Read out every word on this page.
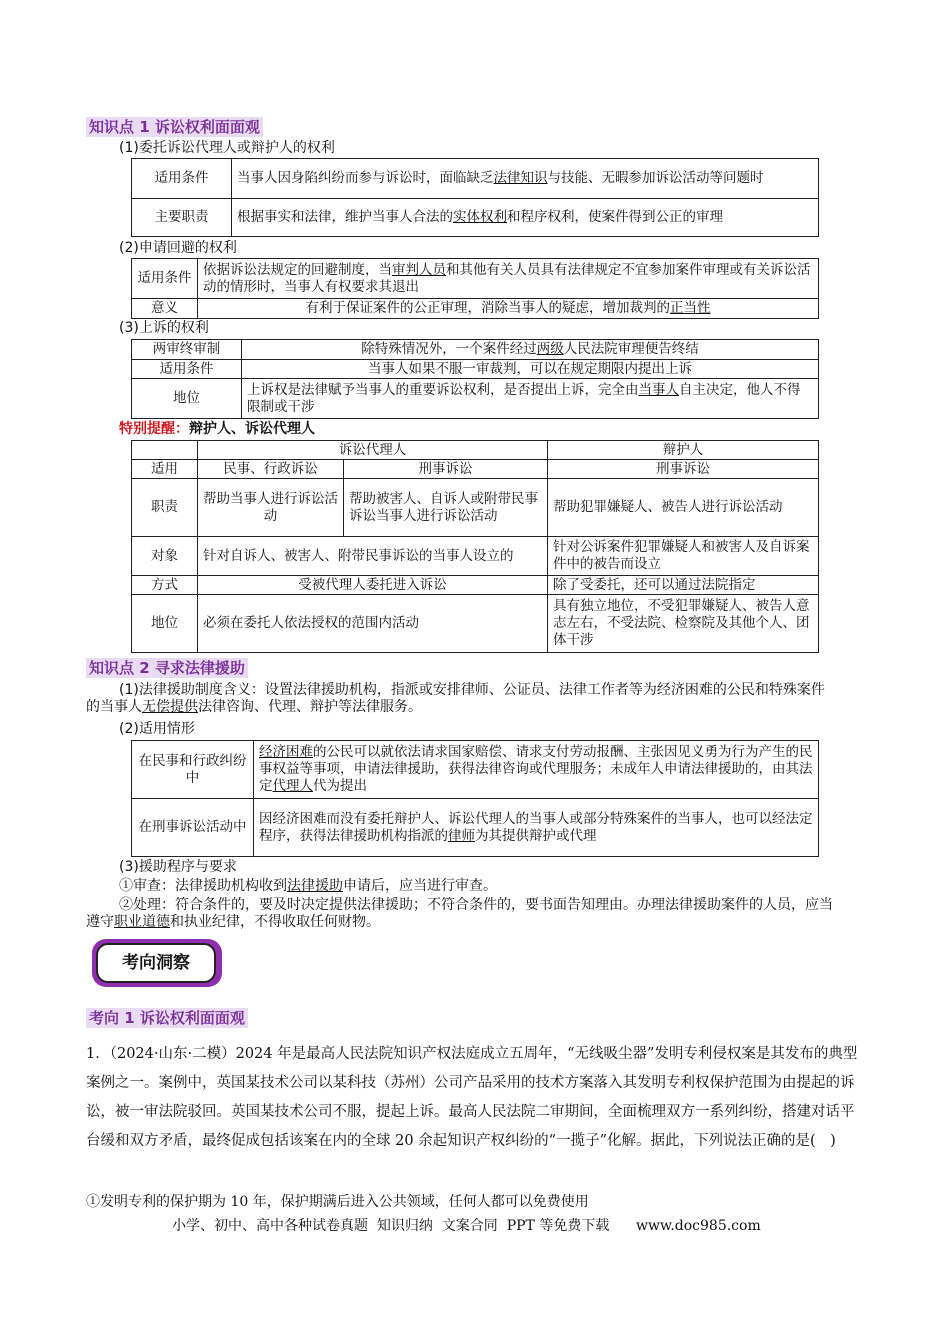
知识点 1 诉讼权利面面观
(1)委托诉讼代理人或辩护人的权利
适用条件	当事人因身陷纠纷而参与诉讼时，面临缺乏法律知识与技能、无暇参加诉讼活动等问题时
主要职责	根据事实和法律，维护当事人合法的实体权利和程序权利，使案件得到公正的审理
(2)申请回避的权利
适用条件	依据诉讼法规定的回避制度，当审判人员和其他有关人员具有法律规定不宜参加案件审理或有关诉讼活动的情形时，当事人有权要求其退出
意义	有利于保证案件的公正审理，消除当事人的疑虑，增加裁判的正当性
(3)上诉的权利
两审终审制	除特殊情况外，一个案件经过两级人民法院审理便告终结
适用条件	当事人如果不服一审裁判，可以在规定期限内提出上诉
地位	上诉权是法律赋予当事人的重要诉讼权利，是否提出上诉，完全由当事人自主决定，他人不得限制或干涉
特别提醒：辩护人、诉讼代理人
	诉讼代理人		辩护人
适用	民事、行政诉讼	刑事诉讼	刑事诉讼
职责	帮助当事人进行诉讼活动	帮助被害人、自诉人或附带民事诉讼当事人进行诉讼活动	帮助犯罪嫌疑人、被告人进行诉讼活动
对象	针对自诉人、被害人、附带民事诉讼的当事人设立的		针对公诉案件犯罪嫌疑人和被害人及自诉案件中的被告而设立
方式	受被代理人委托进入诉讼		除了受委托，还可以通过法院指定
地位	必须在委托人依法授权的范围内活动		具有独立地位，不受犯罪嫌疑人、被告人意志左右，不受法院、检察院及其他个人、团体干涉
知识点 2 寻求法律援助
(1)法律援助制度含义：设置法律援助机构，指派或安排律师、公证员、法律工作者等为经济困难的公民和特殊案件的当事人无偿提供法律咨询、代理、辩护等法律服务。
(2)适用情形
在民事和行政纠纷中	经济困难的公民可以就依法请求国家赔偿、请求支付劳动报酬、主张因见义勇为行为产生的民事权益等事项，申请法律援助，获得法律咨询或代理服务；未成年人申请法律援助的，由其法定代理人代为提出
在刑事诉讼活动中	因经济困难而没有委托辩护人、诉讼代理人的当事人或部分特殊案件的当事人，也可以经法定程序，获得法律援助机构指派的律师为其提供辩护或代理
(3)援助程序与要求
①审查：法律援助机构收到法律援助申请后，应当进行审查。
②处理：符合条件的，要及时决定提供法律援助；不符合条件的，要书面告知理由。办理法律援助案件的人员，应当遵守职业道德和执业纪律，不得收取任何财物。
考向洞察
考向 1 诉讼权利面面观
1．（2024·山东·二模）2024 年是最高人民法院知识产权法庭成立五周年，“无线吸尘器”发明专利侵权案是其发布的典型案例之一。案例中，英国某技术公司以某科技（苏州）公司产品采用的技术方案落入其发明专利权保护范围为由提起的诉讼，被一审法院驳回。英国某技术公司不服，提起上诉。最高人民法院二审期间，全面梳理双方一系列纠纷，搭建对话平台缓和双方矛盾，最终促成包括该案在内的全球 20 余起知识产权纠纷的“一揽子”化解。据此，下列说法正确的是(　)
①发明专利的保护期为 10 年，保护期满后进入公共领域，任何人都可以免费使用
小学、初中、高中各种试卷真题  知识归纳  文案合同  PPT 等免费下载      www.doc985.com
